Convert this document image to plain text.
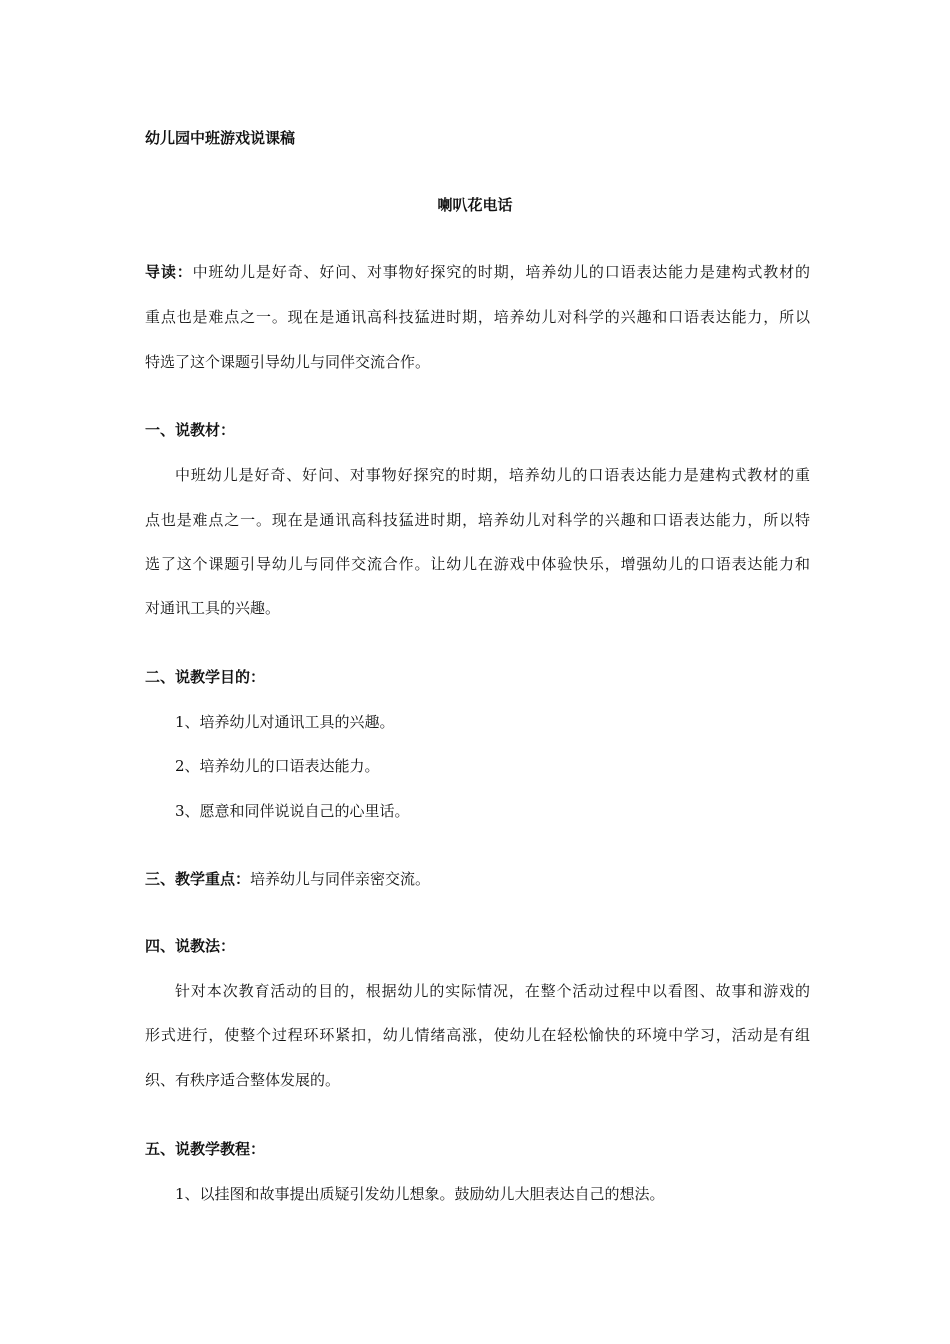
幼儿园中班游戏说课稿
喇叭花电话
导读：中班幼儿是好奇、好问、对事物好探究的时期，培养幼儿的口语表达能力是建构式教材的
重点也是难点之一。现在是通讯高科技猛进时期，培养幼儿对科学的兴趣和口语表达能力，所以
特选了这个课题引导幼儿与同伴交流合作。
一、说教材：
中班幼儿是好奇、好问、对事物好探究的时期，培养幼儿的口语表达能力是建构式教材的重
点也是难点之一。现在是通讯高科技猛进时期，培养幼儿对科学的兴趣和口语表达能力，所以特
选了这个课题引导幼儿与同伴交流合作。让幼儿在游戏中体验快乐，增强幼儿的口语表达能力和
对通讯工具的兴趣。
二、说教学目的：
1、培养幼儿对通讯工具的兴趣。
2、培养幼儿的口语表达能力。
3、愿意和同伴说说自己的心里话。
三、教学重点：培养幼儿与同伴亲密交流。
四、说教法：
针对本次教育活动的目的，根据幼儿的实际情况，在整个活动过程中以看图、故事和游戏的
形式进行，使整个过程环环紧扣，幼儿情绪高涨，使幼儿在轻松愉快的环境中学习，活动是有组
织、有秩序适合整体发展的。
五、说教学教程：
1、以挂图和故事提出质疑引发幼儿想象。鼓励幼儿大胆表达自己的想法。
